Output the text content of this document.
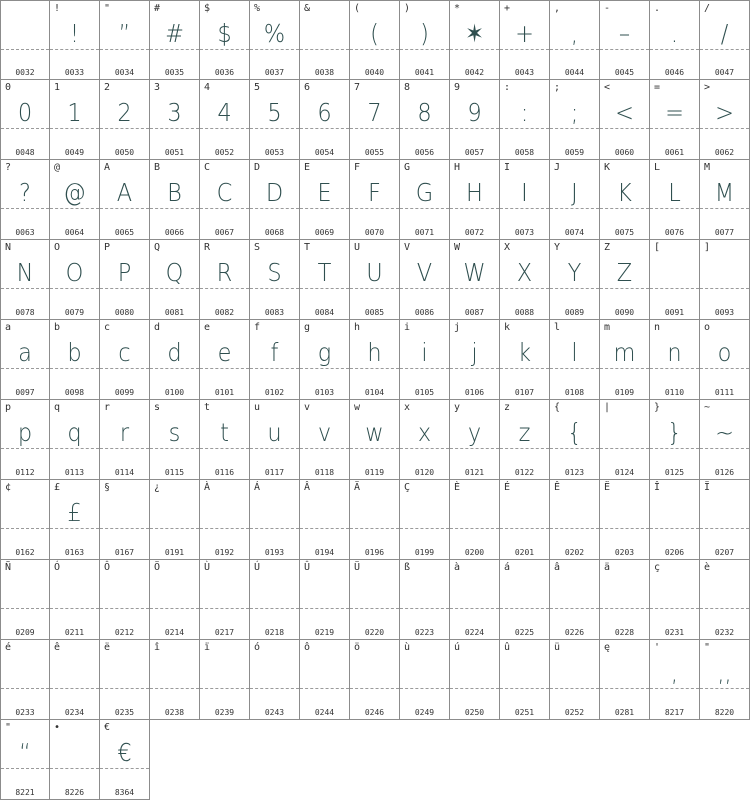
0032
!
!
0033
"
”
0034
#
#
0035
$
$
0036
%
%
0037
&
0038
(
(
0040
)
)
0041
*
✶
0042
+
+
0043
,
,
0044
-
–
0045
.
.
0046
/
/
0047
0
0
0048
1
1
0049
2
2
0050
3
3
0051
4
4
0052
5
5
0053
6
6
0054
7
7
0055
8
8
0056
9
9
0057
:
:
0058
;
;
0059
<
<
0060
=
=
0061
>
>
0062
?
?
0063
@
@
0064
A
A
0065
B
B
0066
C
C
0067
D
D
0068
E
E
0069
F
F
0070
G
G
0071
H
H
0072
I
I
0073
J
J
0074
K
K
0075
L
L
0076
M
M
0077
N
N
0078
O
O
0079
P
P
0080
Q
Q
0081
R
R
0082
S
S
0083
T
T
0084
U
U
0085
V
V
0086
W
W
0087
X
X
0088
Y
Y
0089
Z
Z
0090
[
0091
]
0093
a
a
0097
b
b
0098
c
c
0099
d
d
0100
e
e
0101
f
f
0102
g
g
0103
h
h
0104
i
i
0105
j
j
0106
k
k
0107
l
l
0108
m
m
0109
n
n
0110
o
o
0111
p
p
0112
q
q
0113
r
r
0114
s
s
0115
t
t
0116
u
u
0117
v
v
0118
w
w
0119
x
x
0120
y
y
0121
z
z
0122
{
{
0123
|
0124
}
}
0125
~
~
0126
¢
0162
£
£
0163
§
0167
¿
0191
À
0192
Á
0193
Â
0194
Ä
0196
Ç
0199
È
0200
É
0201
Ê
0202
Ë
0203
Î
0206
Ï
0207
Ñ
0209
Ó
0211
Ô
0212
Ö
0214
Ù
0217
Ú
0218
Û
0219
Ü
0220
ß
0223
à
0224
á
0225
â
0226
ä
0228
ç
0231
è
0232
é
0233
ê
0234
ë
0235
î
0238
ï
0239
ó
0243
ô
0244
ö
0246
ù
0249
ú
0250
û
0251
ü
0252
ę
0281
'
,
8217
"
,,
8220
"
“
8221
•
8226
€
€
8364
